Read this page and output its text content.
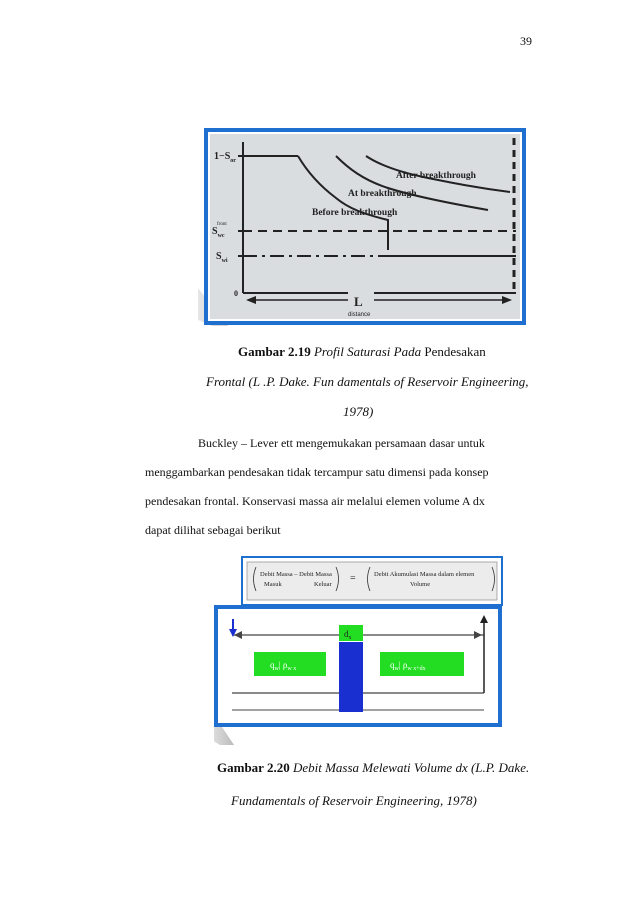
39
$1-S_{or}$
front
$S_{wc}$
$S_{wi}$
0
After breakthrough
At breakthrough
Before breakthrough
L
distance
Gambar 2.19 Profil Saturasi Pada Pendesakan
Frontal (L .P. Dake. Fun damentals of Reservoir Engineering,
1978)
Buckley – Lever ett mengemukakan persamaan dasar untuk
menggambarkan pendesakan tidak tercampur satu dimensi pada konsep
pendesakan frontal. Konservasi massa air melalui elemen volume A dx
dapat dilihat sebagai berikut
Debit Massa – Debit Massa
Masuk	Keluar
=	Debit Akumulasi Massa dalam elemen
Volume
$d_x$
$q_w|$ $\rho_{w x}$	$q_w|$ $\rho_{w x+dx}$
Gambar 2.20 Debit Massa Melewati Volume dx (L.P. Dake.
Fundamentals of Reservoir Engineering, 1978)
